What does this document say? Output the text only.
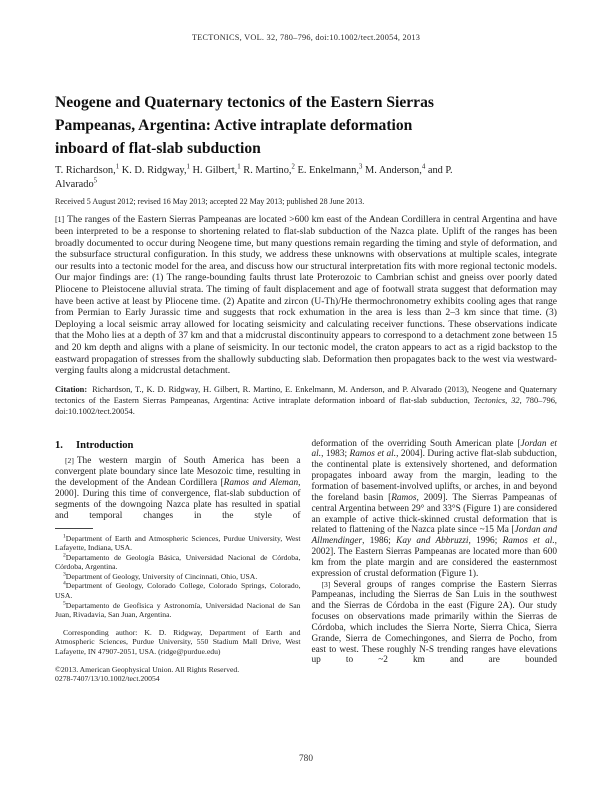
TECTONICS, VOL. 32, 780–796, doi:10.1002/tect.20054, 2013
Neogene and Quaternary tectonics of the Eastern Sierras
Pampeanas, Argentina: Active intraplate deformation
inboard of flat-slab subduction

T. Richardson,$^1$ K. D. Ridgway,$^1$ H. Gilbert,$^1$ R. Martino,$^2$ E. Enkelmann,$^3$ M. Anderson,$^4$ and P. Alvarado$^5$

Received 5 August 2012; revised 16 May 2013; accepted 22 May 2013; published 28 June 2013.

[1] The ranges of the Eastern Sierras Pampeanas are located >600 km east of the Andean Cordillera in central Argentina and have been interpreted to be a response to shortening related to flat-slab subduction of the Nazca plate. Uplift of the ranges has been broadly documented to occur during Neogene time, but many questions remain regarding the timing and style of deformation, and the subsurface structural configuration. In this study, we address these unknowns with observations at multiple scales, integrate our results into a tectonic model for the area, and discuss how our structural interpretation fits with more regional tectonic models. Our major findings are: (1) The range-bounding faults thrust late Proterozoic to Cambrian schist and gneiss over poorly dated Pliocene to Pleistocene alluvial strata. The timing of fault displacement and age of footwall strata suggest that deformation may have been active at least by Pliocene time. (2) Apatite and zircon (U-Th)/He thermochronometry exhibits cooling ages that range from Permian to Early Jurassic time and suggests that rock exhumation in the area is less than 2–3 km since that time. (3) Deploying a local seismic array allowed for locating seismicity and calculating receiver functions. These observations indicate that the Moho lies at a depth of 37 km and that a midcrustal discontinuity appears to correspond to a detachment zone between 15 and 20 km depth and aligns with a plane of seismicity. In our tectonic model, the craton appears to act as a rigid backstop to the eastward propagation of stresses from the shallowly subducting slab. Deformation then propagates back to the west via westward-verging faults along a midcrustal detachment.

Citation: Richardson, T., K. D. Ridgway, H. Gilbert, R. Martino, E. Enkelmann, M. Anderson, and P. Alvarado (2013), Neogene and Quaternary tectonics of the Eastern Sierras Pampeanas, Argentina: Active intraplate deformation inboard of flat-slab subduction, Tectonics, 32, 780–796, doi:10.1002/tect.20054.

1. Introduction

[2] The western margin of South America has been a convergent plate boundary since late Mesozoic time, resulting in the development of the Andean Cordillera [Ramos and Aleman, 2000]. During this time of convergence, flat-slab subduction of segments of the downgoing Nazca plate has resulted in spatial and temporal changes in the style of

$^1$Department of Earth and Atmospheric Sciences, Purdue University, West Lafayette, Indiana, USA.

$^2$Departamento de Geología Básica, Universidad Nacional de Córdoba, Córdoba, Argentina.

$^3$Department of Geology, University of Cincinnati, Ohio, USA.

$^4$Department of Geology, Colorado College, Colorado Springs, Colorado, USA.

$^5$Departamento de Geofísica y Astronomía, Universidad Nacional de San Juan, Rivadavia, San Juan, Argentina.

Corresponding author: K. D. Ridgway, Department of Earth and Atmospheric Sciences, Purdue University, 550 Stadium Mall Drive, West Lafayette, IN 47907-2051, USA. (ridge@purdue.edu)

©2013. American Geophysical Union. All Rights Reserved.

0278-7407/13/10.1002/tect.20054

deformation of the overriding South American plate [Jordan et al., 1983; Ramos et al., 2004]. During active flat-slab subduction, the continental plate is extensively shortened, and deformation propagates inboard away from the margin, leading to the formation of basement-involved uplifts, or arches, in and beyond the foreland basin [Ramos, 2009]. The Sierras Pampeanas of central Argentina between 29° and 33°S (Figure 1) are considered an example of active thick-skinned crustal deformation that is related to flattening of the Nazca plate since ~15 Ma [Jordan and Allmendinger, 1986; Kay and Abbruzzi, 1996; Ramos et al., 2002]. The Eastern Sierras Pampeanas are located more than 600 km from the plate margin and are considered the easternmost expression of crustal deformation (Figure 1).

[3] Several groups of ranges comprise the Eastern Sierras Pampeanas, including the Sierras de San Luis in the southwest and the Sierras de Córdoba in the east (Figure 2A). Our study focuses on observations made primarily within the Sierras de Córdoba, which includes the Sierra Norte, Sierra Chica, Sierra Grande, Sierra de Comechingones, and Sierra de Pocho, from east to west. These roughly N-S trending ranges have elevations up to ~2 km and are bounded

780
